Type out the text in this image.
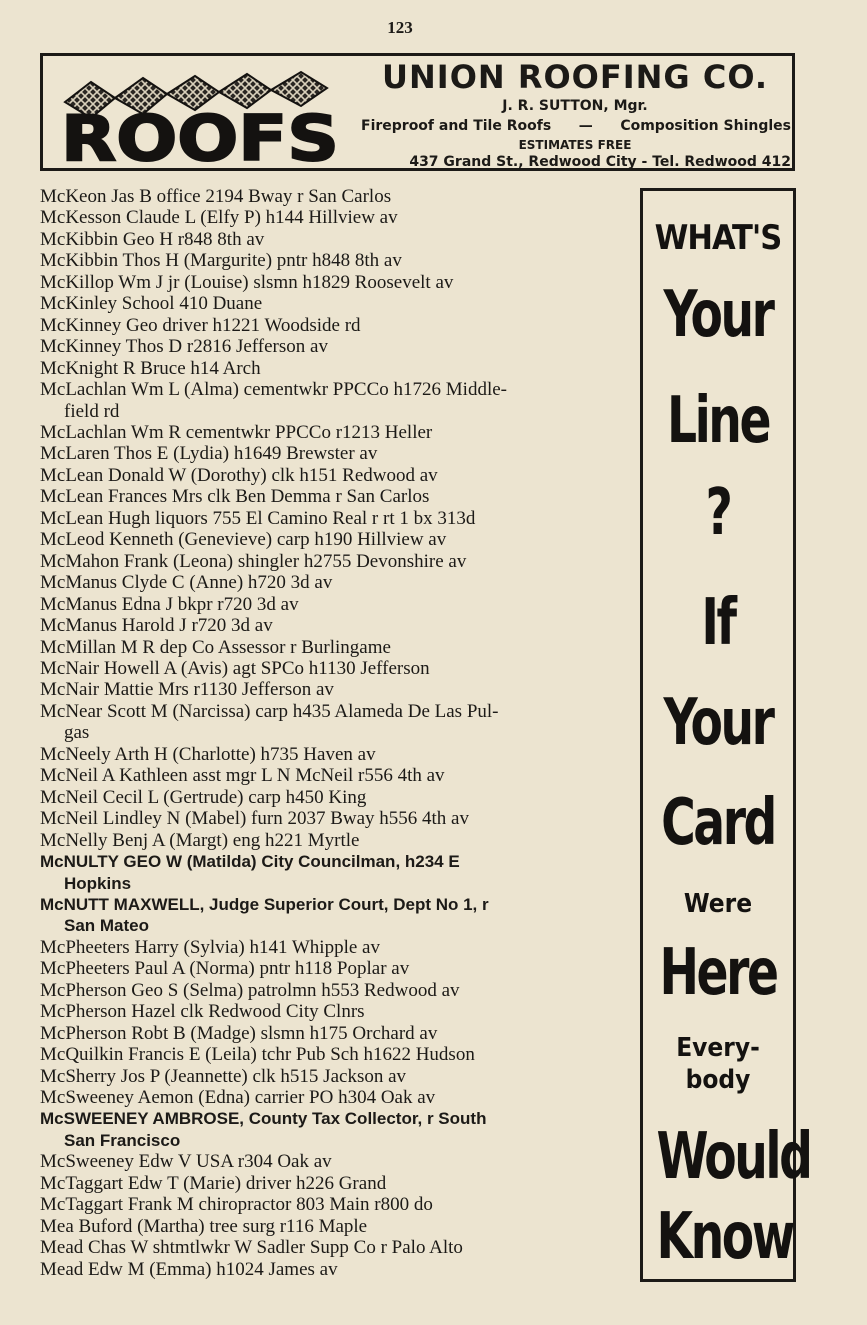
123
ROOFS
UNION ROOFING CO.
J. R. SUTTON, Mgr.
Fireproof and Tile Roofs — Composition Shingles
ESTIMATES FREE
437 Grand St., Redwood City - Tel. Redwood 412
McKeon Jas B office 2194 Bway r San Carlos
McKesson Claude L (Elfy P) h144 Hillview av
McKibbin Geo H r848 8th av
McKibbin Thos H (Margurite) pntr h848 8th av
McKillop Wm J jr (Louise) slsmn h1829 Roosevelt av
McKinley School 410 Duane
McKinney Geo driver h1221 Woodside rd
McKinney Thos D r2816 Jefferson av
McKnight R Bruce h14 Arch
McLachlan Wm L (Alma) cementwkr PPCCo h1726 Middle-
field rd
McLachlan Wm R cementwkr PPCCo r1213 Heller
McLaren Thos E (Lydia) h1649 Brewster av
McLean Donald W (Dorothy) clk h151 Redwood av
McLean Frances Mrs clk Ben Demma r San Carlos
McLean Hugh liquors 755 El Camino Real r rt 1 bx 313d
McLeod Kenneth (Genevieve) carp h190 Hillview av
McMahon Frank (Leona) shingler h2755 Devonshire av
McManus Clyde C (Anne) h720 3d av
McManus Edna J bkpr r720 3d av
McManus Harold J r720 3d av
McMillan M R dep Co Assessor r Burlingame
McNair Howell A (Avis) agt SPCo h1130 Jefferson
McNair Mattie Mrs r1130 Jefferson av
McNear Scott M (Narcissa) carp h435 Alameda De Las Pul-
gas
McNeely Arth H (Charlotte) h735 Haven av
McNeil A Kathleen asst mgr L N McNeil r556 4th av
McNeil Cecil L (Gertrude) carp h450 King
McNeil Lindley N (Mabel) furn 2037 Bway h556 4th av
McNelly Benj A (Margt) eng h221 Myrtle
McNULTY GEO W (Matilda) City Councilman, h234 E
Hopkins
McNUTT MAXWELL, Judge Superior Court, Dept No 1, r
San Mateo
McPheeters Harry (Sylvia) h141 Whipple av
McPheeters Paul A (Norma) pntr h118 Poplar av
McPherson Geo S (Selma) patrolmn h553 Redwood av
McPherson Hazel clk Redwood City Clnrs
McPherson Robt B (Madge) slsmn h175 Orchard av
McQuilkin Francis E (Leila) tchr Pub Sch h1622 Hudson
McSherry Jos P (Jeannette) clk h515 Jackson av
McSweeney Aemon (Edna) carrier PO h304 Oak av
McSWEENEY AMBROSE, County Tax Collector, r South
San Francisco
McSweeney Edw V USA r304 Oak av
McTaggart Edw T (Marie) driver h226 Grand
McTaggart Frank M chiropractor 803 Main r800 do
Mea Buford (Martha) tree surg r116 Maple
Mead Chas W shtmtlwkr W Sadler Supp Co r Palo Alto
Mead Edw M (Emma) h1024 James av
WHAT'S
Your
Line
?
If
Your
Card
Were
Here
Every-
body
Would
Know
